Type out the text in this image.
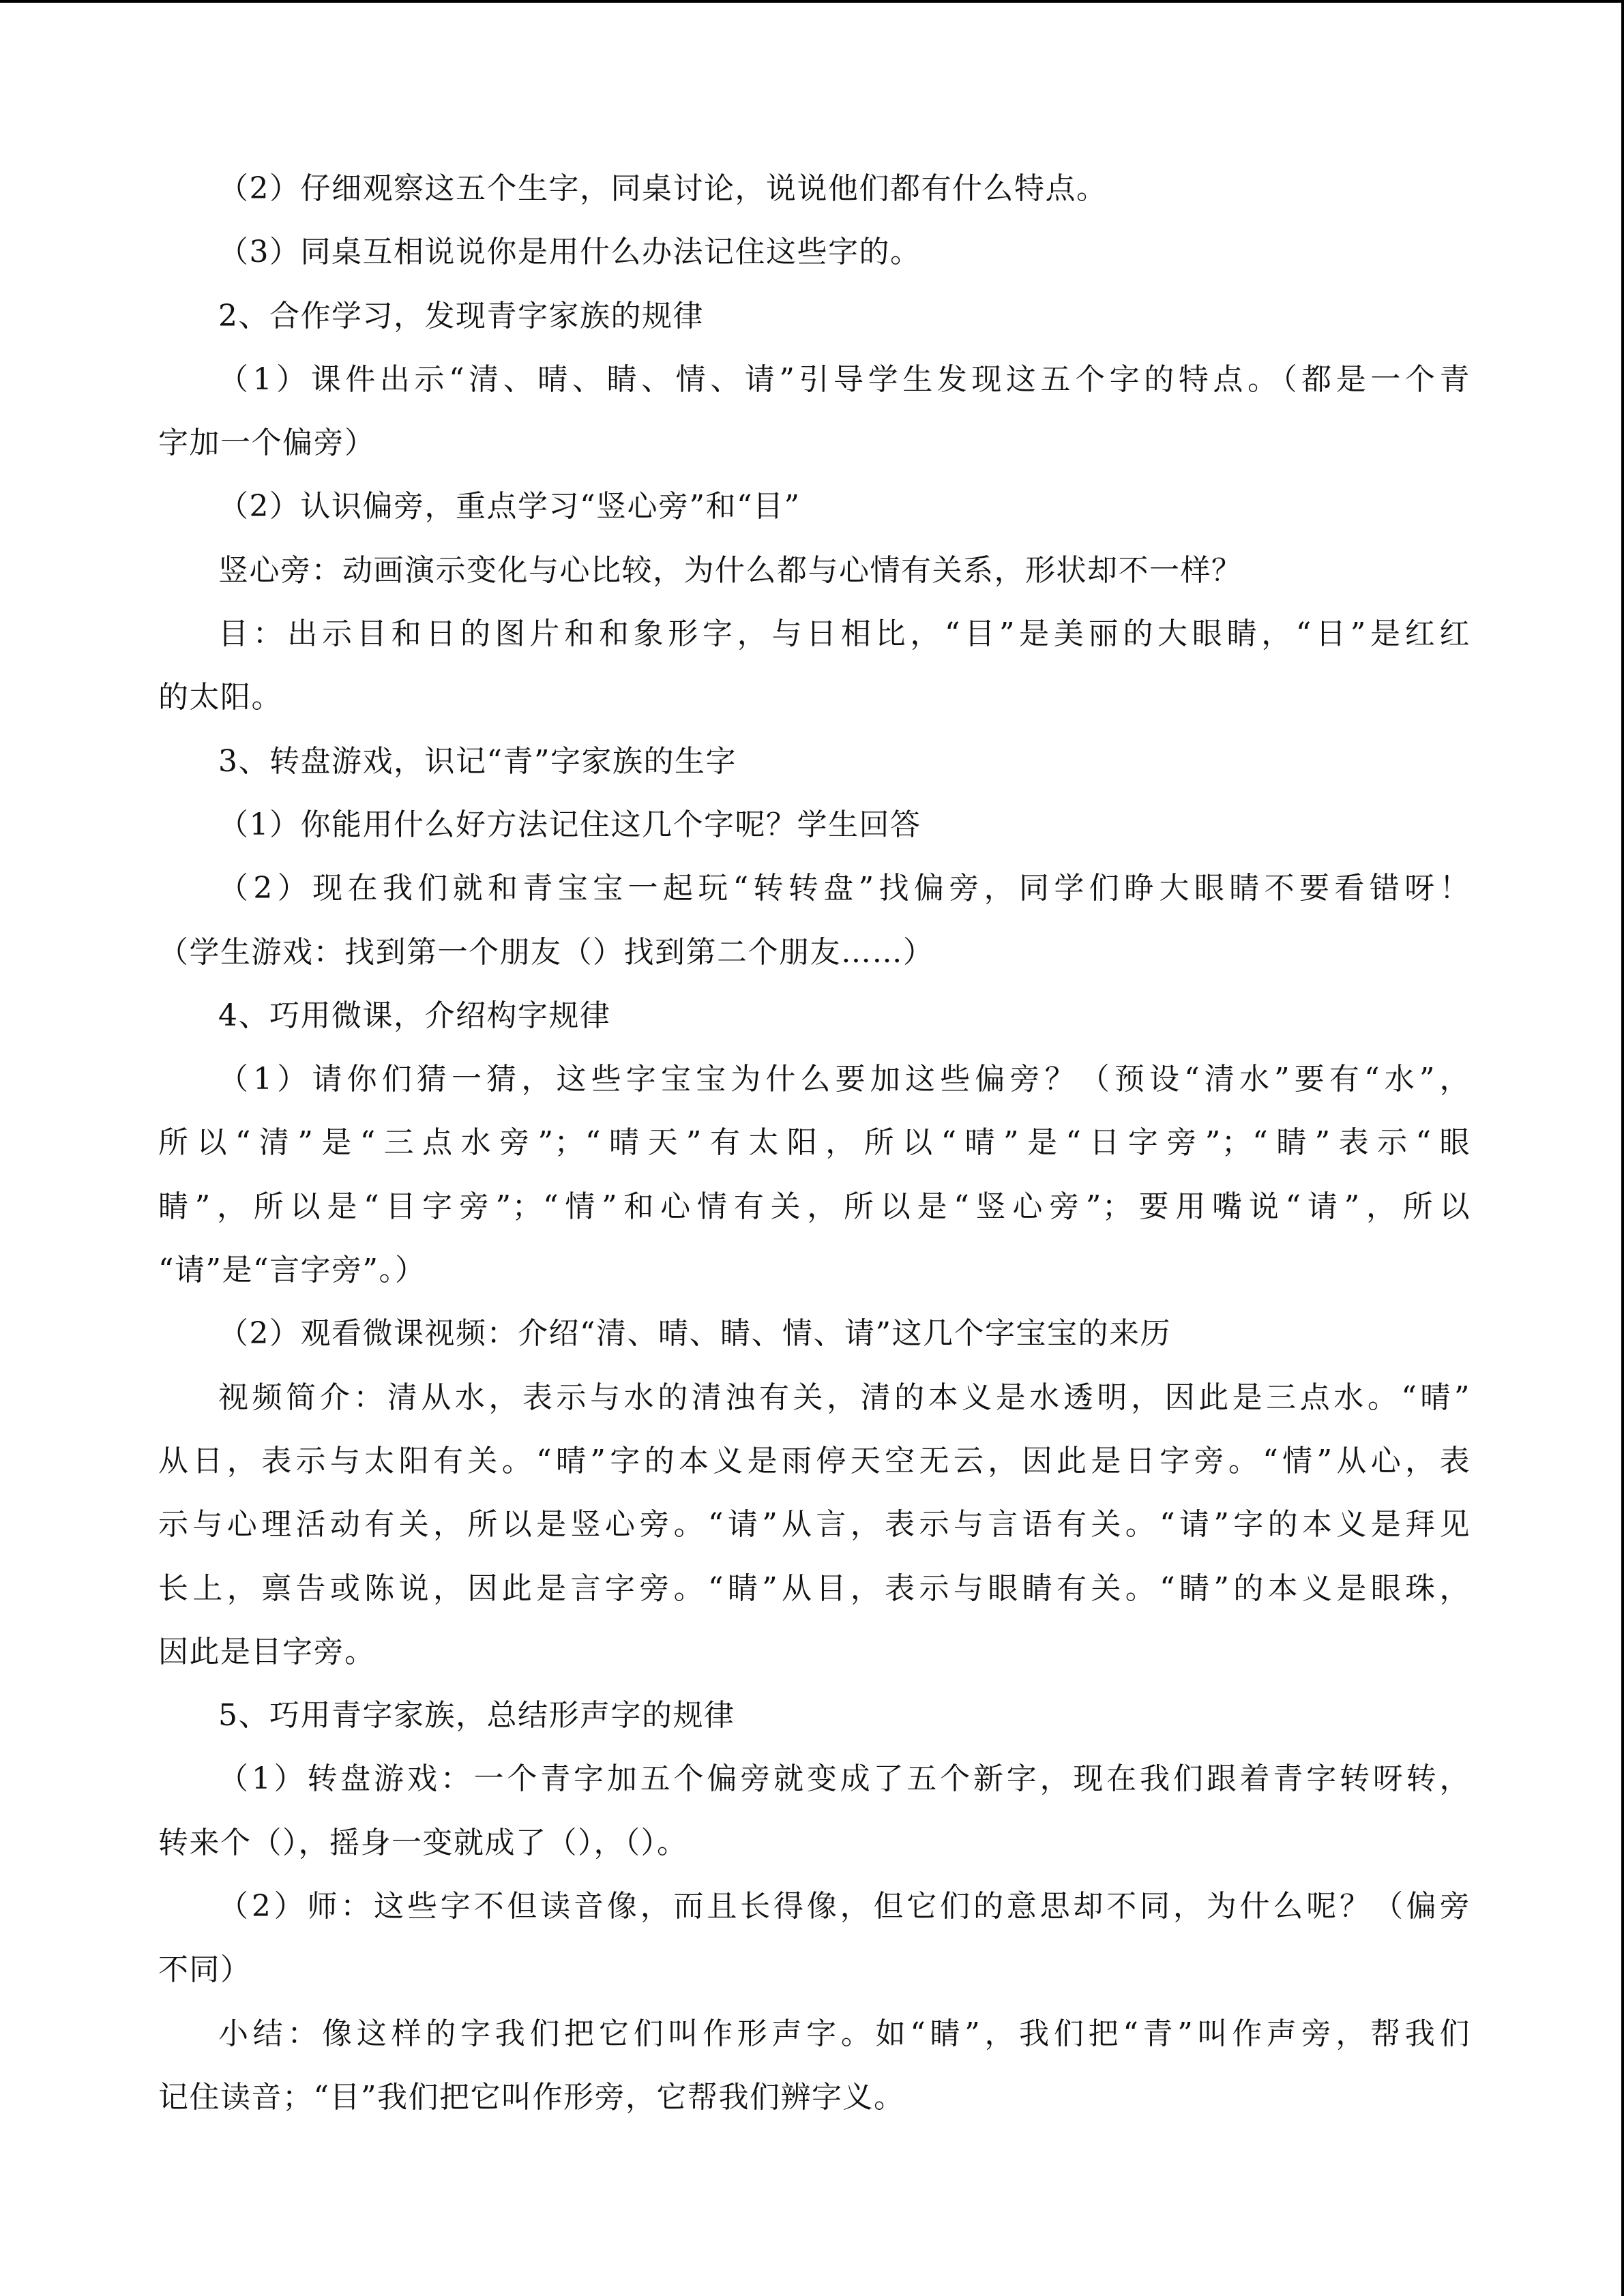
（2）仔细观察这五个生字，同桌讨论，说说他们都有什么特点。

（3）同桌互相说说你是用什么办法记住这些字的。

2、合作学习，发现青字家族的规律

（1）课件出示“清、晴、睛、情、请”引导学生发现这五个字的特点。（都是一个青

字加一个偏旁）

（2）认识偏旁，重点学习“竖心旁”和“目”

竖心旁：动画演示变化与心比较，为什么都与心情有关系，形状却不一样？

目：出示目和日的图片和和象形字，与日相比，“目”是美丽的大眼睛，“日”是红红

的太阳。

3、转盘游戏，识记“青”字家族的生字

（1）你能用什么好方法记住这几个字呢？学生回答

（2）现在我们就和青宝宝一起玩“转转盘”找偏旁，同学们睁大眼睛不要看错呀！

（学生游戏：找到第一个朋友（）找到第二个朋友……）

4、巧用微课，介绍构字规律

（1）请你们猜一猜，这些字宝宝为什么要加这些偏旁？（预设“清水”要有“水”，

所以“清”是“三点水旁”；“晴天”有太阳，所以“晴”是“日字旁”；“睛”表示“眼

睛”，所以是“目字旁”；“情”和心情有关，所以是“竖心旁”；要用嘴说“请”，所以

“请”是“言字旁”。）

（2）观看微课视频：介绍“清、晴、睛、情、请”这几个字宝宝的来历

视频简介：清从水，表示与水的清浊有关，清的本义是水透明，因此是三点水。“晴”

从日，表示与太阳有关。“晴”字的本义是雨停天空无云，因此是日字旁。“情”从心，表

示与心理活动有关，所以是竖心旁。“请”从言，表示与言语有关。“请”字的本义是拜见

长上，禀告或陈说，因此是言字旁。“睛”从目，表示与眼睛有关。“睛”的本义是眼珠，

因此是目字旁。

5、巧用青字家族，总结形声字的规律

（1）转盘游戏：一个青字加五个偏旁就变成了五个新字，现在我们跟着青字转呀转，

转来个（），摇身一变就成了（），（）。

（2）师：这些字不但读音像，而且长得像，但它们的意思却不同，为什么呢？（偏旁

不同）

小结：像这样的字我们把它们叫作形声字。如“睛”，我们把“青”叫作声旁，帮我们

记住读音；“目”我们把它叫作形旁，它帮我们辨字义。
